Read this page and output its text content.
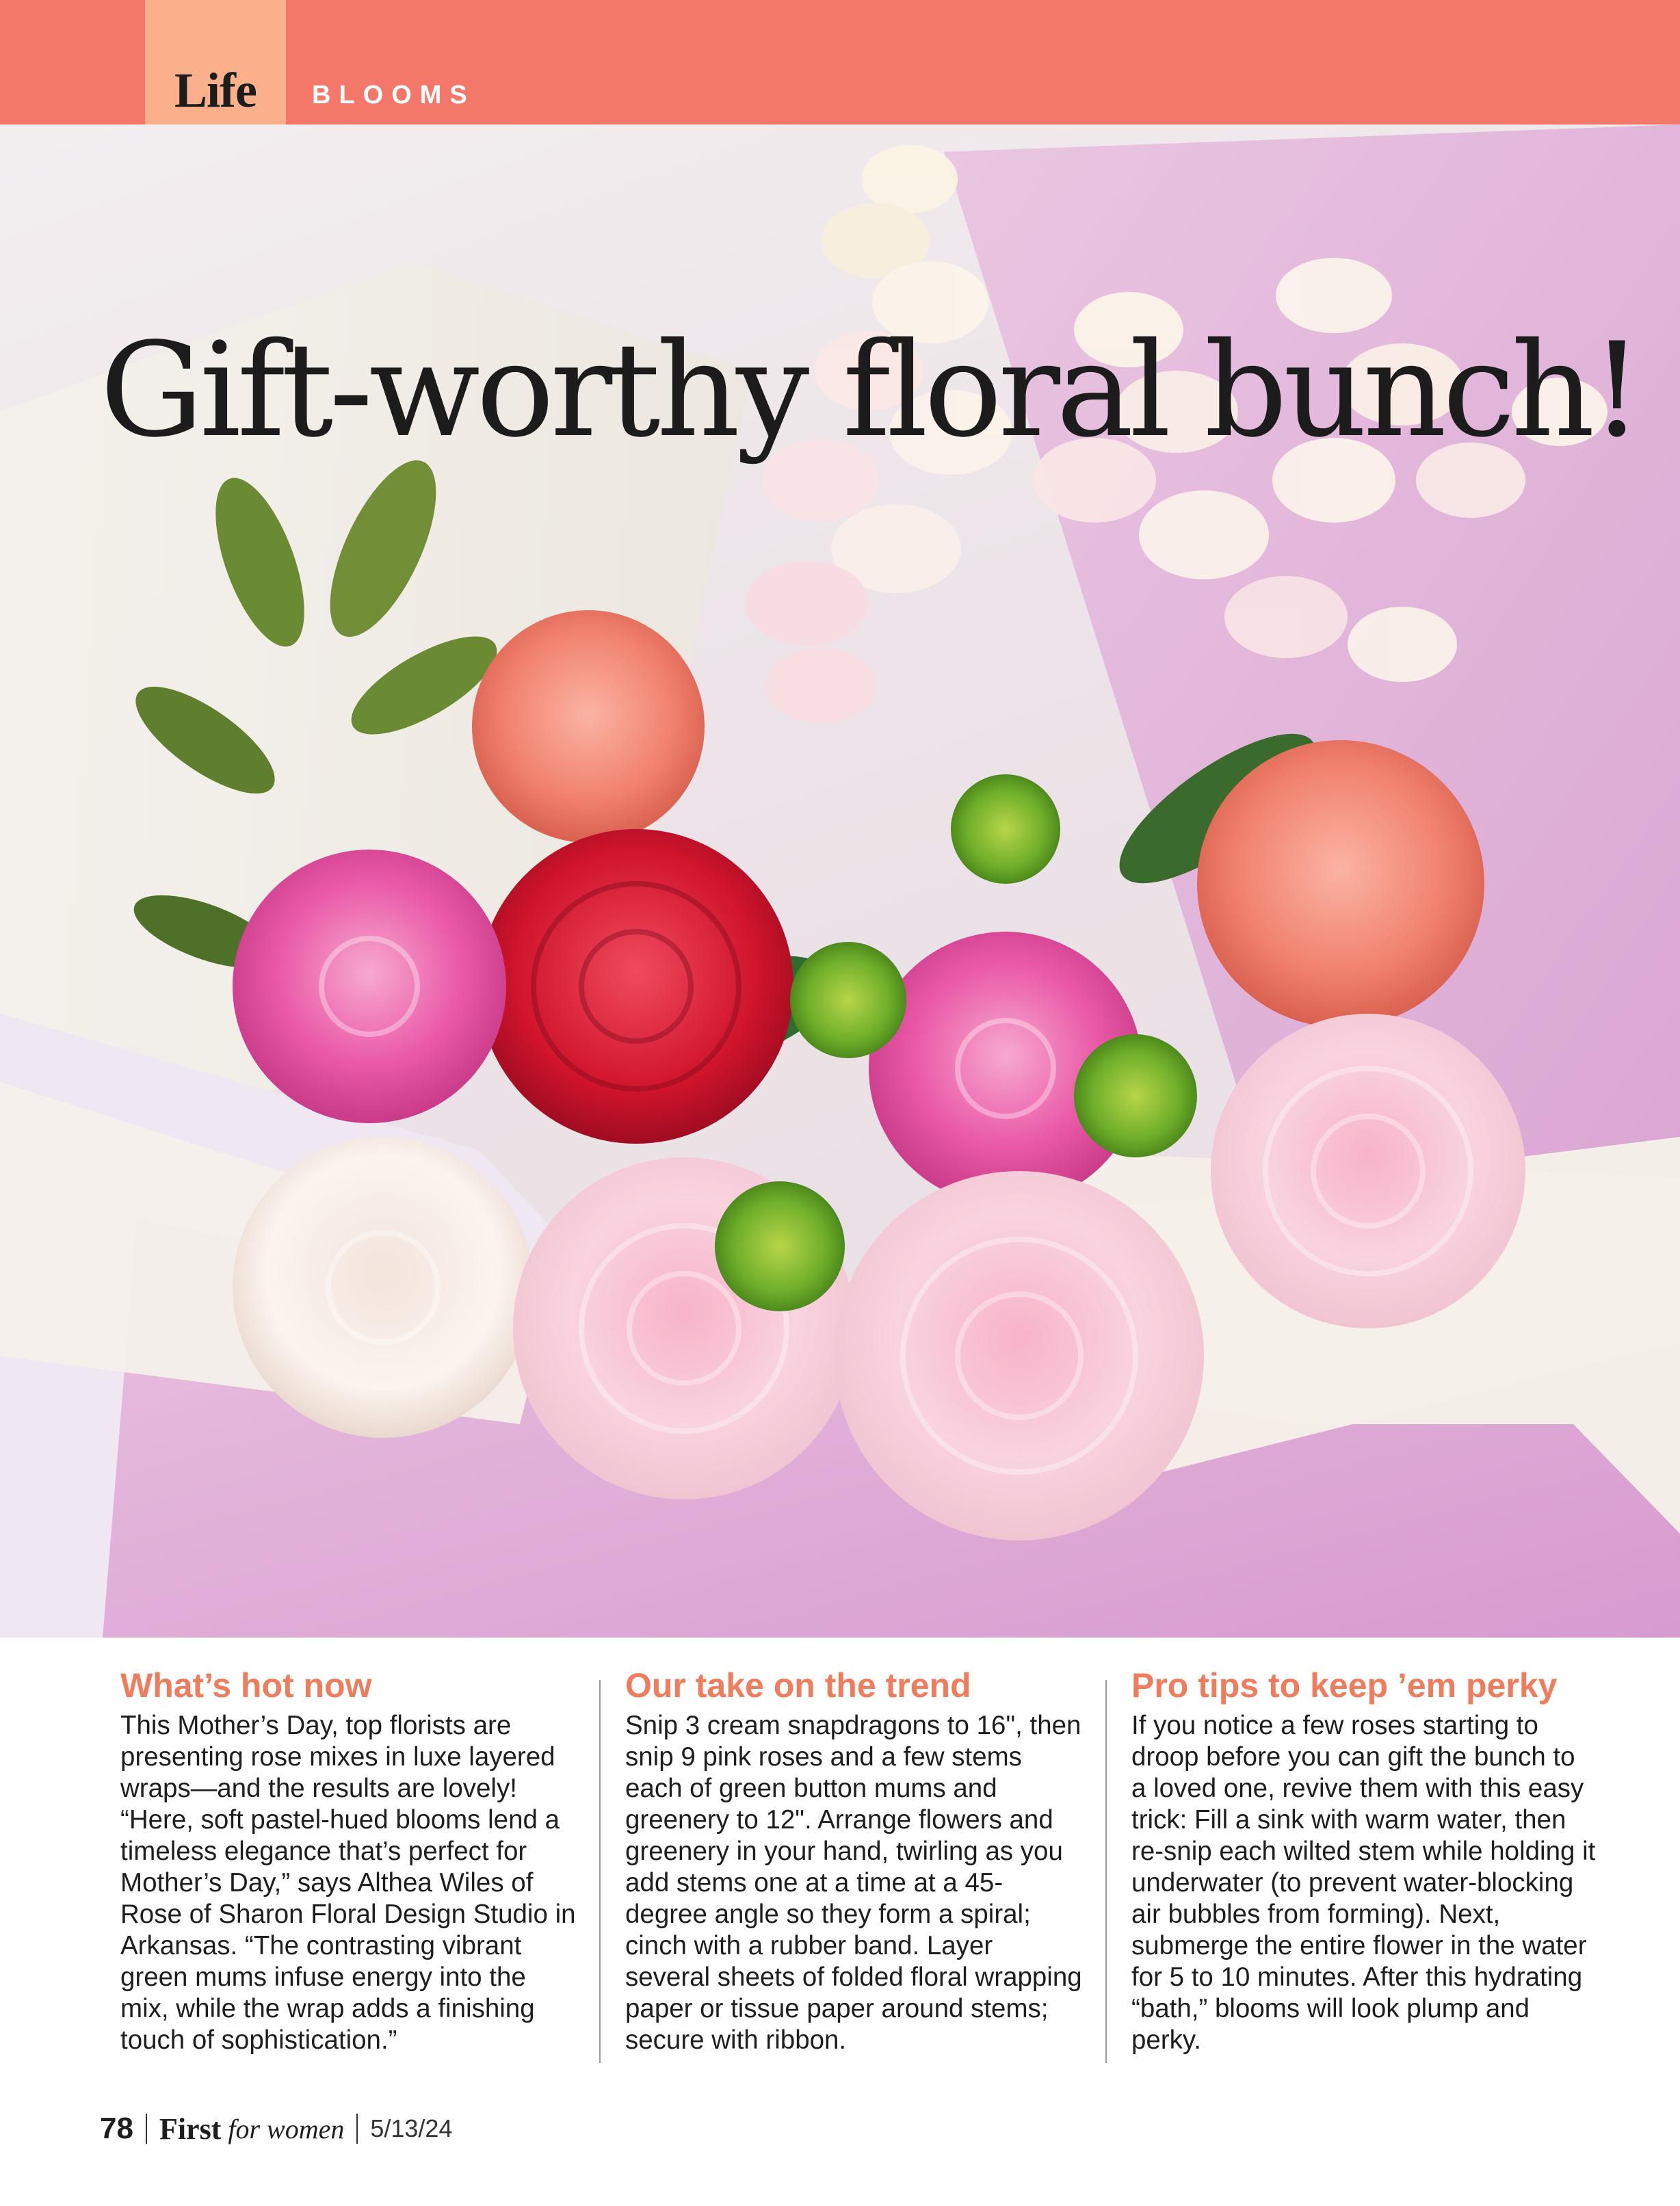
Life BLOOMS
Gift-worthy floral bunch!
What’s hot now

This Mother’s Day, top florists are presenting rose mixes in luxe layered wraps—and the results are lovely! “Here, soft pastel-hued blooms lend a timeless elegance that’s perfect for Mother’s Day,” says Althea Wiles of Rose of Sharon Floral Design Studio in Arkansas. “The contrasting vibrant green mums infuse energy into the mix, while the wrap adds a finishing touch of sophistication.”

Our take on the trend

Snip 3 cream snapdragons to 16", then snip 9 pink roses and a few stems each of green button mums and greenery to 12". Arrange flowers and greenery in your hand, twirling as you add stems one at a time at a 45-degree angle so they form a spiral; cinch with a rubber band. Layer several sheets of folded floral wrapping paper or tissue paper around stems; secure with ribbon.

Pro tips to keep ’em perky

If you notice a few roses starting to droop before you can gift the bunch to a loved one, revive them with this easy trick: Fill a sink with warm water, then re-snip each wilted stem while holding it underwater (to prevent water-blocking air bubbles from forming). Next, submerge the entire flower in the water for 5 to 10 minutes. After this hydrating “bath,” blooms will look plump and perky.

78 First for women 5/13/24
